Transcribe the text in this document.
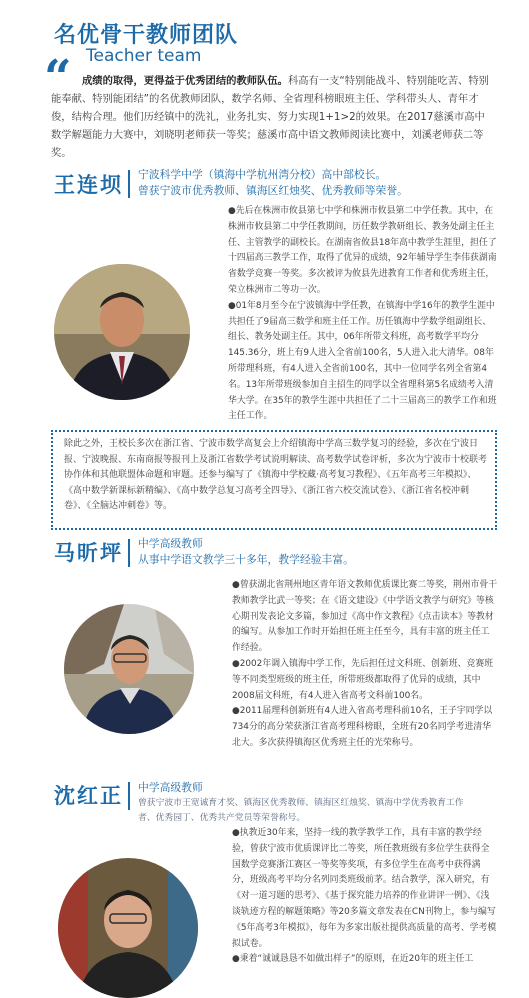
名优骨干教师团队
“ Teacher team
成绩的取得，更得益于优秀团结的教师队伍。科高有一支“特别能战斗、特别能吃苦、特别能奉献、特别能团结”的名优教师团队，数学名师、全省理科榜眼班主任、学科带头人、青年才俊，结构合理。他们历经镇中的洗礼，业务扎实、努力实现1+1>2的效果。在2017慈溪市高中数学解题能力大赛中，刘晓明老师获一等奖；慈溪市高中语文教师阅读比赛中，刘溪老师获二等奖。
王连坝 宁波科学中学（镇海中学杭州湾分校）高中部校长。
曾获宁波市优秀教师、镇海区红烛奖、优秀教师等荣誉。

●先后在株洲市攸县第七中学和株洲市攸县第二中学任教。其中，在株洲市攸县第二中学任教期间，历任数学教研组长、教务处副主任主任、主管教学的副校长。在湖南省攸县18年高中教学生涯里，担任了十四届高三教学工作，取得了优异的成绩，92年辅导学生李伟获湖南省数学竞赛一等奖。多次被评为攸县先进教育工作者和优秀班主任，荣立株洲市二等功一次。

●01年8月至今在宁波镇海中学任教，在镇海中学16年的教学生涯中共担任了9届高三数学和班主任工作。历任镇海中学数学组副组长、组长、教务处副主任。其中，06年所带文科班，高考数学平均分145.36分，班上有9人进入全省前100名，5人进入北大清华。08年所带理科班，有4人进入全省前100名，其中一位同学名列全省第4名。13年所带班级参加自主招生的同学以全省理科第5名成绩考入清华大学。在35年的教学生涯中共担任了二十三届高三的教学工作和班主任工作。

除此之外，王校长多次在浙江省、宁波市数学高复会上介绍镇海中学高三数学复习的经验，多次在宁波日报、宁波晚报、东南商报等报刊上及浙江省数学考试说明解读、高考数学试卷评析，多次为宁波市十校联考协作体和其他联盟体命题和审题。还参与编写了《镇海中学校藏·高考复习教程》、《五年高考三年模拟》、《高中数学新课标新精编》、《高中数学总复习高考全四导》、《浙江省六校交流试卷》、《浙江省名校冲刺卷》、《全脑达冲刺卷》等。
马昕坪 中学高级教师
从事中学语文教学三十多年，教学经验丰富。

●曾获湖北省荆州地区青年语文教师优质课比赛二等奖，荆州市骨干教师教学比武一等奖；在《语文建设》《中学语文教学与研究》等核心期刊发表论文多篇，参加过《高中作文教程》《点击读本》等教材的编写。从参加工作时开始担任班主任至今，具有丰富的班主任工作经验。

●2002年调入镇海中学工作，先后担任过文科班、创新班、竞赛班等不同类型班级的班主任，所带班级都取得了优异的成绩，其中2008届文科班，有4人进入省高考文科前100名。

●2011届理科创新班有4人进入省高考理科前10名，王子宇同学以734分的高分荣获浙江省高考理科榜眼，全班有20名同学考进清华北大。多次获得镇海区优秀班主任的光荣称号。

沈红正 中学高级教师
曾获宁波市王宽诚育才奖、镇海区优秀教师、镇海区红烛奖、镇海中学优秀教育工作者、优秀园丁、优秀共产党员等荣誉称号。

●执教近30年来，坚持一线的教学教学工作，具有丰富的教学经验，曾获宁波市优质课评比二等奖，所任教班级有多位学生获得全国数学竞赛浙江赛区一等奖等奖项，有多位学生在高考中获得满分，班级高考平均分名列同类班级前茅。结合教学，深入研究，有《对一道习题的思考》、《基于探究能力培养的作业讲评一例》、《浅谈轨迹方程的解题策略》等20多篇文章发表在CN刊物上，参与编写《5年高考3年模拟》，每年为多家出版社提供高质量的高考、学考模拟试卷。

●秉着“诚诚恳恳不如做出样子”的原则，在近20年的班主任工
